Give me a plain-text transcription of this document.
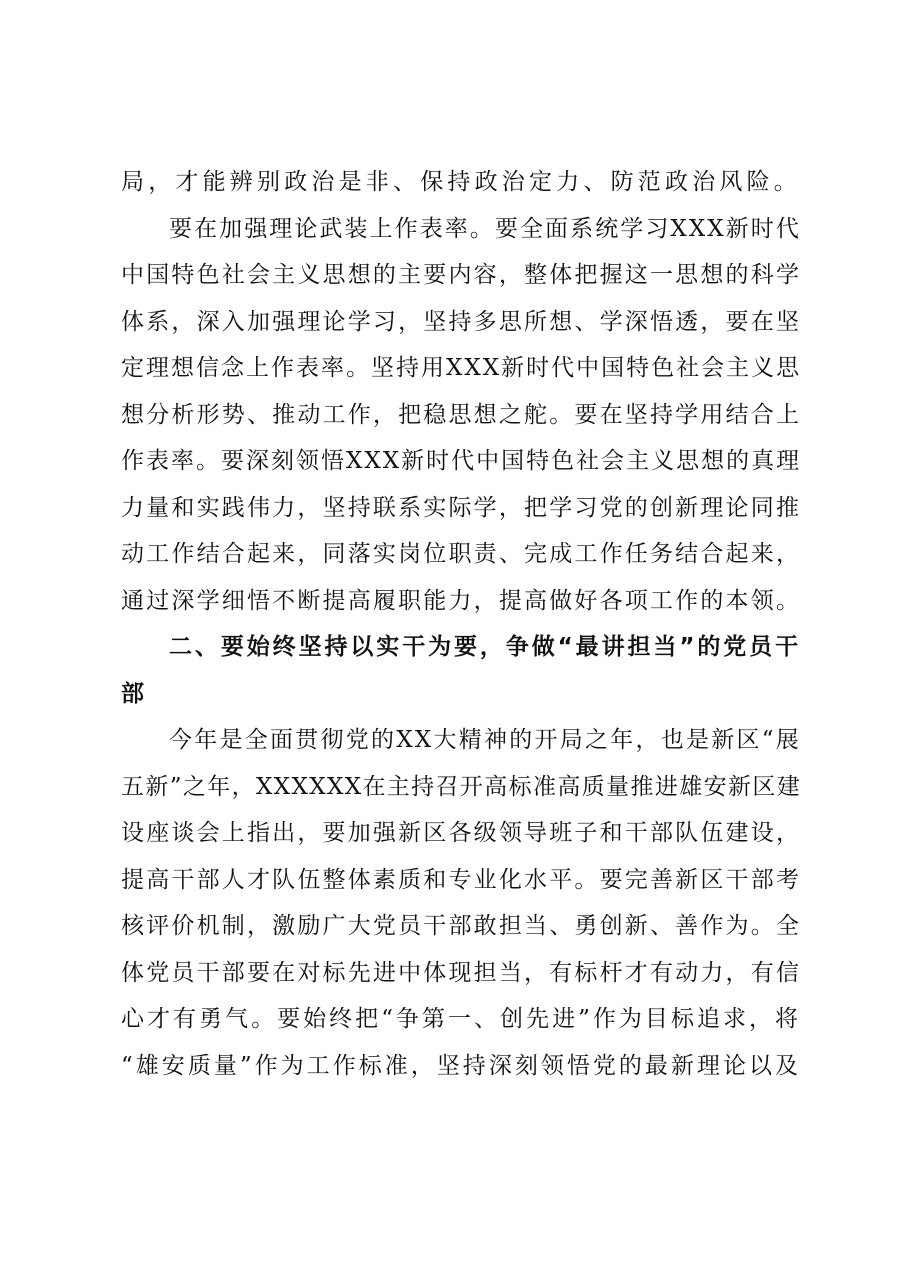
局，才能辨别政治是非、保持政治定力、防范政治风险。
要在加强理论武装上作表率。要全面系统学习XXX新时代
中国特色社会主义思想的主要内容，整体把握这一思想的科学
体系，深入加强理论学习，坚持多思所想、学深悟透，要在坚
定理想信念上作表率。坚持用XXX新时代中国特色社会主义思
想分析形势、推动工作，把稳思想之舵。要在坚持学用结合上
作表率。要深刻领悟XXX新时代中国特色社会主义思想的真理
力量和实践伟力，坚持联系实际学，把学习党的创新理论同推
动工作结合起来，同落实岗位职责、完成工作任务结合起来，
通过深学细悟不断提高履职能力，提高做好各项工作的本领。
二、要始终坚持以实干为要，争做“最讲担当”的党员干
部
今年是全面贯彻党的XX大精神的开局之年，也是新区“展
五新”之年，XXXXXX在主持召开高标准高质量推进雄安新区建
设座谈会上指出，要加强新区各级领导班子和干部队伍建设，
提高干部人才队伍整体素质和专业化水平。要完善新区干部考
核评价机制，激励广大党员干部敢担当、勇创新、善作为。全
体党员干部要在对标先进中体现担当，有标杆才有动力，有信
心才有勇气。要始终把“争第一、创先进”作为目标追求，将
“雄安质量”作为工作标准，坚持深刻领悟党的最新理论以及
